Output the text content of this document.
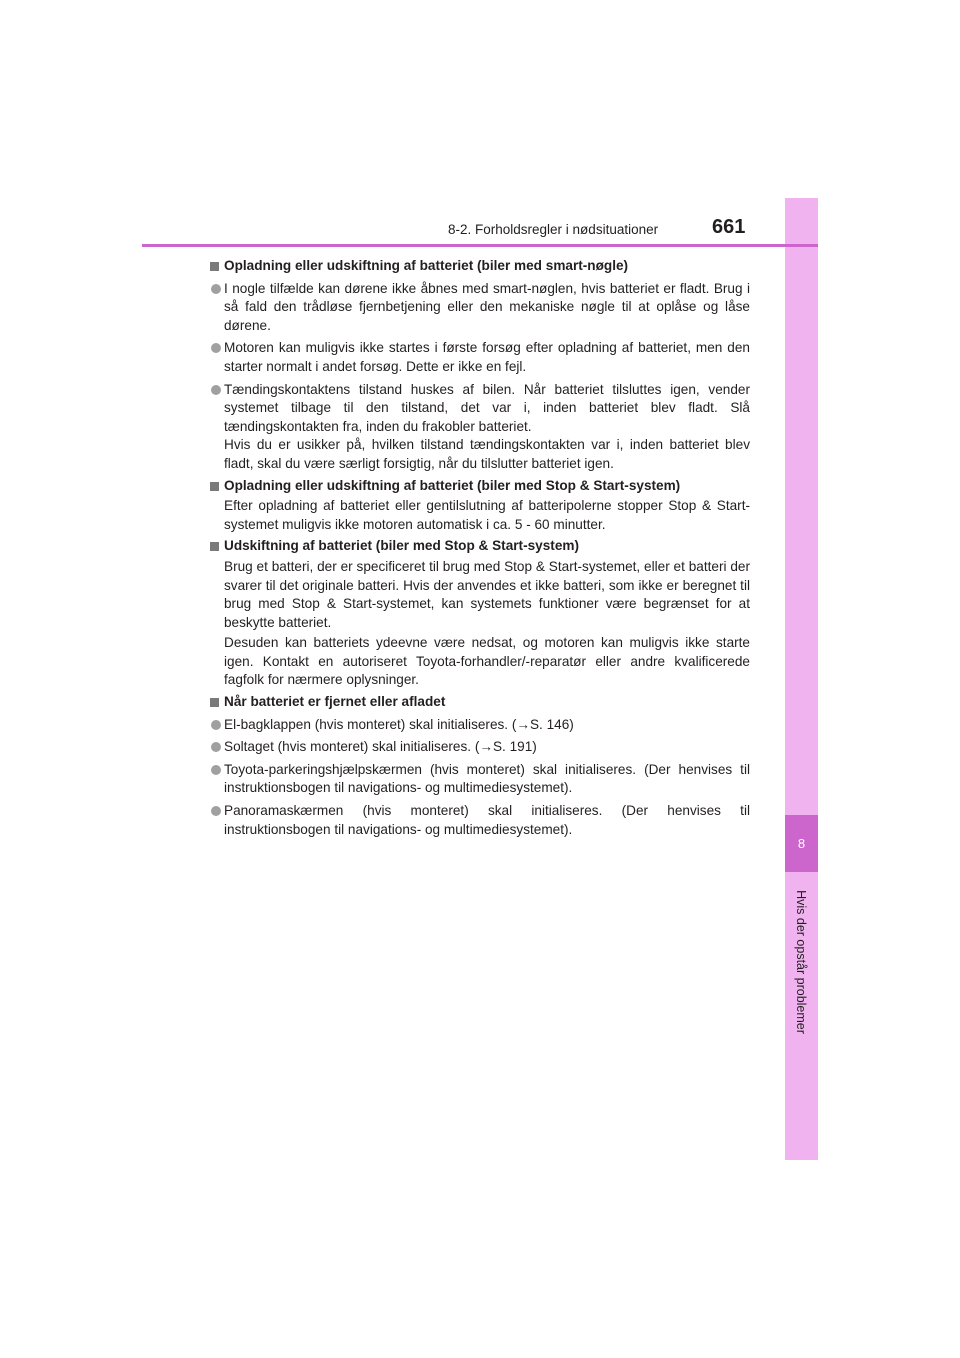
8
Hvis der opstår problemer
8-2. Forholdsregler i nødsituationer	661
Opladning eller udskiftning af batteriet (biler med smart-nøgle)
I nogle tilfælde kan dørene ikke åbnes med smart-nøglen, hvis batteriet er fladt. Brug i så fald den trådløse fjernbetjening eller den mekaniske nøgle til at oplåse og låse dørene.
Motoren kan muligvis ikke startes i første forsøg efter opladning af batteriet, men den starter normalt i andet forsøg. Dette er ikke en fejl.
Tændingskontaktens tilstand huskes af bilen. Når batteriet tilsluttes igen, vender systemet tilbage til den tilstand, det var i, inden batteriet blev fladt. Slå tændingskontakten fra, inden du frakobler batteriet.
Hvis du er usikker på, hvilken tilstand tændingskontakten var i, inden batteriet blev fladt, skal du være særligt forsigtig, når du tilslutter batteriet igen.
Opladning eller udskiftning af batteriet (biler med Stop & Start-system)
Efter opladning af batteriet eller gentilslutning af batteripolerne stopper Stop & Start-systemet muligvis ikke motoren automatisk i ca. 5 - 60 minutter.
Udskiftning af batteriet (biler med Stop & Start-system)
Brug et batteri, der er specificeret til brug med Stop & Start-systemet, eller et batteri der svarer til det originale batteri. Hvis der anvendes et ikke batteri, som ikke er beregnet til brug med Stop & Start-systemet, kan systemets funktioner være begrænset for at beskytte batteriet.
Desuden kan batteriets ydeevne være nedsat, og motoren kan muligvis ikke starte igen. Kontakt en autoriseret Toyota-forhandler/-reparatør eller andre kvalificerede fagfolk for nærmere oplysninger.
Når batteriet er fjernet eller afladet
El-bagklappen (hvis monteret) skal initialiseres. (→S. 146)
Soltaget (hvis monteret) skal initialiseres. (→S. 191)
Toyota-parkeringshjælpskærmen (hvis monteret) skal initialiseres. (Der henvises til instruktionsbogen til navigations- og multimediesystemet).
Panoramaskærmen (hvis monteret) skal initialiseres. (Der henvises til instruktionsbogen til navigations- og multimediesystemet).
